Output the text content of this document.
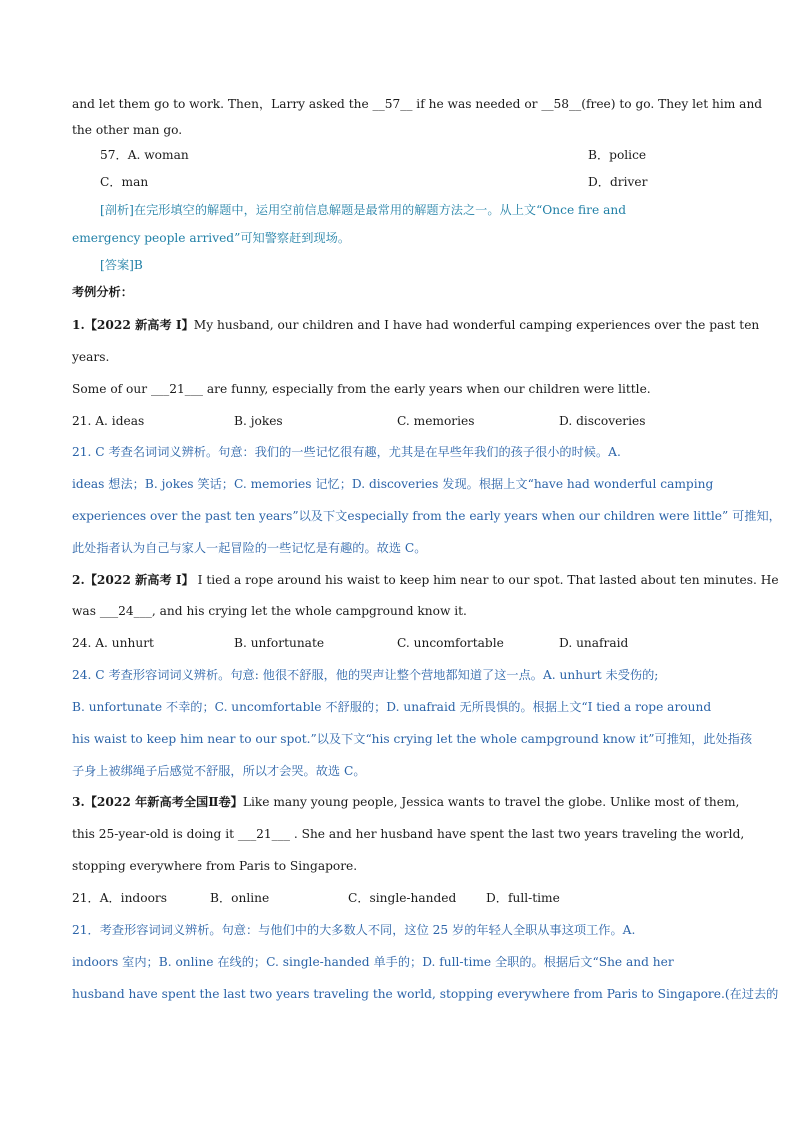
and let them go to work. Then，Larry asked the __57__ if he was needed or __58__(free) to go. They let him and
the other man go.
57．A. woman	B．police
C．man	D．driver
[剖析]在完形填空的解题中，运用空前信息解题是最常用的解题方法之一。从上文“Once fire and
emergency people arrived”可知警察赶到现场。
[答案]B
考例分析：
1.【2022 新高考 I】My husband, our children and I have had wonderful camping experiences over the past ten
years.
Some of our ___21___ are funny, especially from the early years when our children were little.
21. A. ideas	B. jokes	C. memories	D. discoveries
21. C 考查名词词义辨析。句意：我们的一些记忆很有趣，尤其是在早些年我们的孩子很小的时候。A.
ideas 想法；B. jokes 笑话；C. memories 记忆；D. discoveries 发现。根据上文“have had wonderful camping
experiences over the past ten years”以及下文especially from the early years when our children were little” 可推知，
此处指者认为自己与家人一起冒险的一些记忆是有趣的。故选 C。
2.【2022 新高考 I】 I tied a rope around his waist to keep him near to our spot. That lasted about ten minutes. He
was ___24___, and his crying let the whole campground know it.
24. A. unhurt	B. unfortunate	C. uncomfortable	D. unafraid
24. C 考查形容词词义辨析。句意: 他很不舒服，他的哭声让整个营地都知道了这一点。A. unhurt 未受伤的;
B. unfortunate 不幸的；C. uncomfortable 不舒服的；D. unafraid 无所畏惧的。根据上文“I tied a rope around
his waist to keep him near to our spot.”以及下文“his crying let the whole campground know it”可推知，此处指孩
子身上被绑绳子后感觉不舒服，所以才会哭。故选 C。
3.【2022 年新高考全国Ⅱ卷】Like many young people, Jessica wants to travel the globe. Unlike most of them,
this 25-year-old is doing it ___21___ . She and her husband have spent the last two years traveling the world,
stopping everywhere from Paris to Singapore.
21．A．indoors	B．online	C．single-handed D．full-time
21．考查形容词词义辨析。句意：与他们中的大多数人不同，这位 25 岁的年轻人全职从事这项工作。A.
indoors 室内；B. online 在线的；C. single-handed 单手的；D. full-time 全职的。根据后文“She and her
husband have spent the last two years traveling the world, stopping everywhere from Paris to Singapore.(在过去的
